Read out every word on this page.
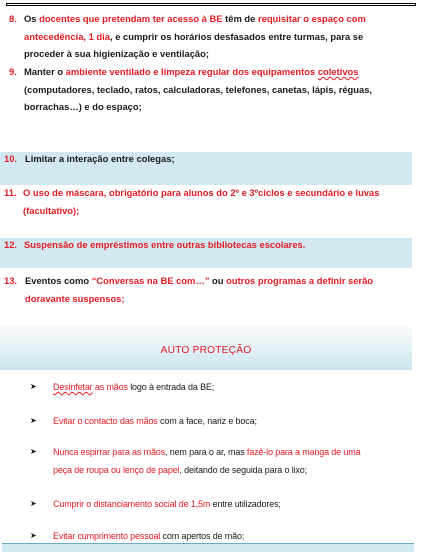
8. Os docentes que pretendam ter acesso à BE têm de requisitar o espaço com
antecedência, 1 dia, e cumprir os horários desfasados entre turmas, para se
proceder à sua higienização e ventilação;
9. Manter o ambiente ventilado e limpeza regular dos equipamentos coletivos
(computadores, teclado, ratos, calculadoras, telefones, canetas, lápis, réguas,
borrachas…) e do espaço;
10. Limitar a interação entre colegas;
11. O uso de máscara, obrigatório para alunos do 2º e 3ºciclos e secundário e luvas
(facultativo);
12. Suspensão de empréstimos entre outras bibliotecas escolares.
13. Eventos como “Conversas na BE com…” ou outros programas a definir serão
doravante suspensos;
AUTO PROTEÇÃO
➤ Desinfetar as mãos logo à entrada da BE;
➤ Evitar o contacto das mãos com a face, nariz e boca;
➤ Nunca espirrar para as mãos, nem para o ar, mas fazê-lo para a manga de uma
peça de roupa ou lenço de papel, deitando de seguida para o lixo;
➤ Cumprir o distanciamento social de 1,5m entre utilizadores;
➤ Evitar cumprimento pessoal com apertos de mão;
